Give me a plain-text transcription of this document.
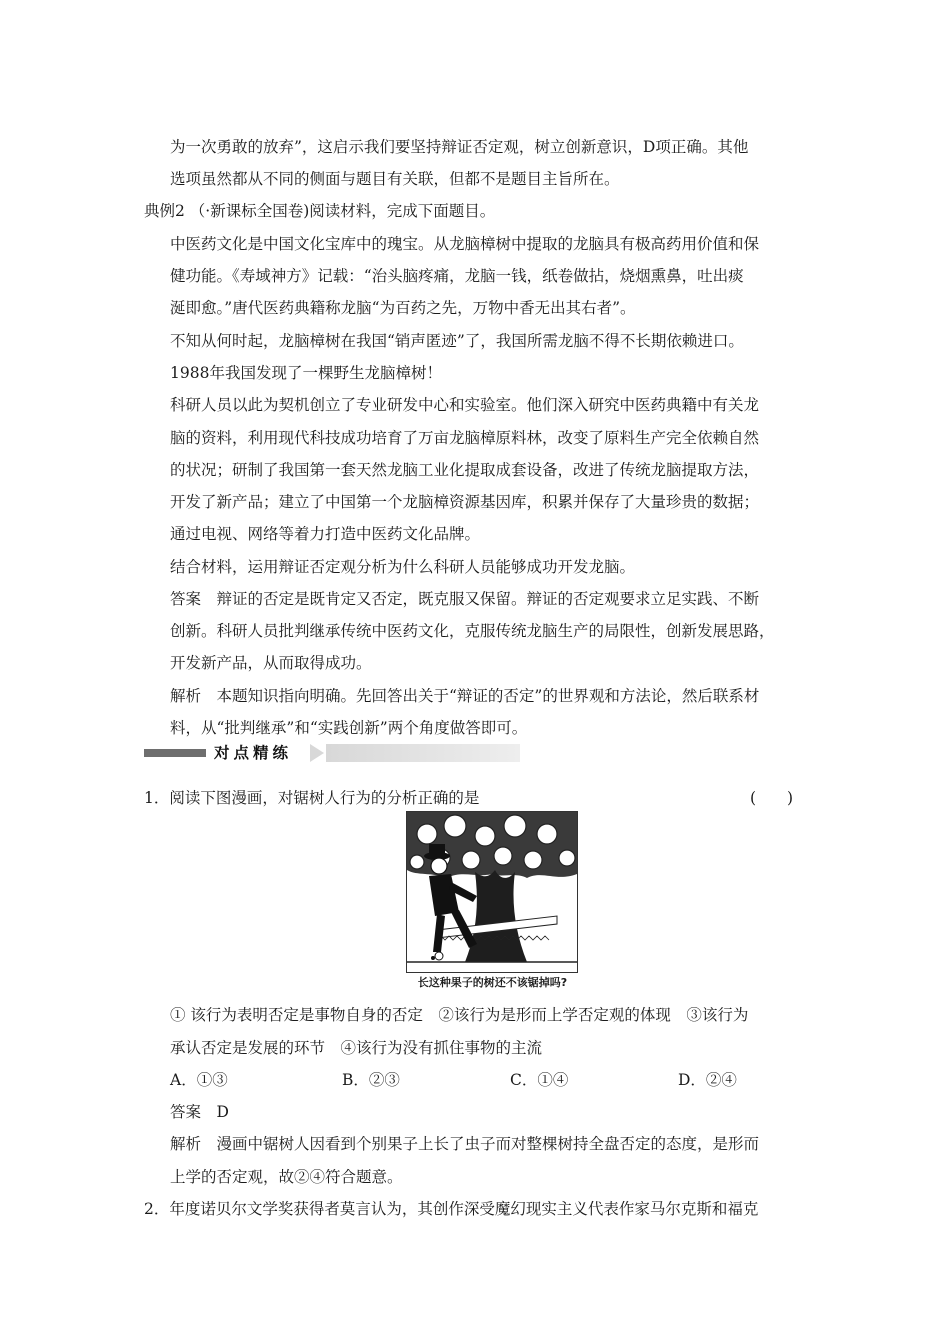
为一次勇敢的放弃”，这启示我们要坚持辩证否定观，树立创新意识，D项正确。其他
选项虽然都从不同的侧面与题目有关联，但都不是题目主旨所在。
典例2 （·新课标全国卷)阅读材料，完成下面题目。
中医药文化是中国文化宝库中的瑰宝。从龙脑樟树中提取的龙脑具有极高药用价值和保
健功能。《寿域神方》记载：“治头脑疼痛，龙脑一钱，纸卷做拈，烧烟熏鼻，吐出痰
涎即愈。”唐代医药典籍称龙脑“为百药之先，万物中香无出其右者”。
不知从何时起，龙脑樟树在我国“销声匿迹”了，我国所需龙脑不得不长期依赖进口。
1988年我国发现了一棵野生龙脑樟树！
科研人员以此为契机创立了专业研发中心和实验室。他们深入研究中医药典籍中有关龙
脑的资料，利用现代科技成功培育了万亩龙脑樟原料林，改变了原料生产完全依赖自然
的状况；研制了我国第一套天然龙脑工业化提取成套设备，改进了传统龙脑提取方法，
开发了新产品；建立了中国第一个龙脑樟资源基因库，积累并保存了大量珍贵的数据；
通过电视、网络等着力打造中医药文化品牌。
结合材料，运用辩证否定观分析为什么科研人员能够成功开发龙脑。
答案　辩证的否定是既肯定又否定，既克服又保留。辩证的否定观要求立足实践、不断
创新。科研人员批判继承传统中医药文化，克服传统龙脑生产的局限性，创新发展思路，
开发新产品，从而取得成功。
解析　本题知识指向明确。先回答出关于“辩证的否定”的世界观和方法论，然后联系材
料，从“批判继承”和“实践创新”两个角度做答即可。
对点精练
1．阅读下图漫画，对锯树人行为的分析正确的是	(　　)
长这种果子的树还不该锯掉吗?
① 该行为表明否定是事物自身的否定　②该行为是形而上学否定观的体现　③该行为
承认否定是发展的环节　④该行为没有抓住事物的主流
A．①③	B．②③	C．①④	D．②④
答案　D
解析　漫画中锯树人因看到个别果子上长了虫子而对整棵树持全盘否定的态度，是形而
上学的否定观，故②④符合题意。
2．年度诺贝尔文学奖获得者莫言认为，其创作深受魔幻现实主义代表作家马尔克斯和福克
